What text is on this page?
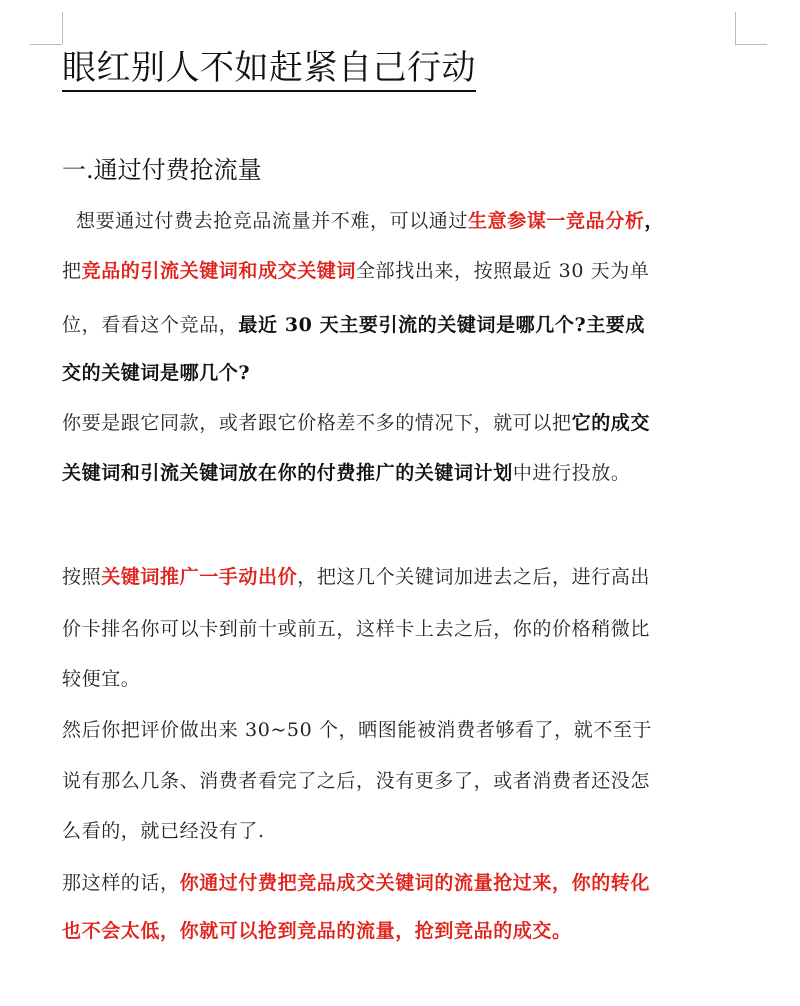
眼红别人不如赶紧自己行动
一.通过付费抢流量

想要通过付费去抢竞品流量并不难，可以通过生意参谋一竞品分析，

把竞品的引流关键词和成交关键词全部找出来，按照最近 30 天为单

位，看看这个竞品，最近 30 天主要引流的关键词是哪几个?主要成

交的关键词是哪几个?

你要是跟它同款，或者跟它价格差不多的情况下，就可以把它的成交

关键词和引流关键词放在你的付费推广的关键词计划中进行投放。

按照关键词推广一手动出价，把这几个关键词加进去之后，进行高出

价卡排名你可以卡到前十或前五，这样卡上去之后，你的价格稍微比

较便宜。

然后你把评价做出来 30~50 个，晒图能被消费者够看了，就不至于

说有那么几条、消费者看完了之后，没有更多了，或者消费者还没怎

么看的，就已经没有了.

那这样的话，你通过付费把竞品成交关键词的流量抢过来，你的转化

也不会太低，你就可以抢到竞品的流量，抢到竞品的成交。
